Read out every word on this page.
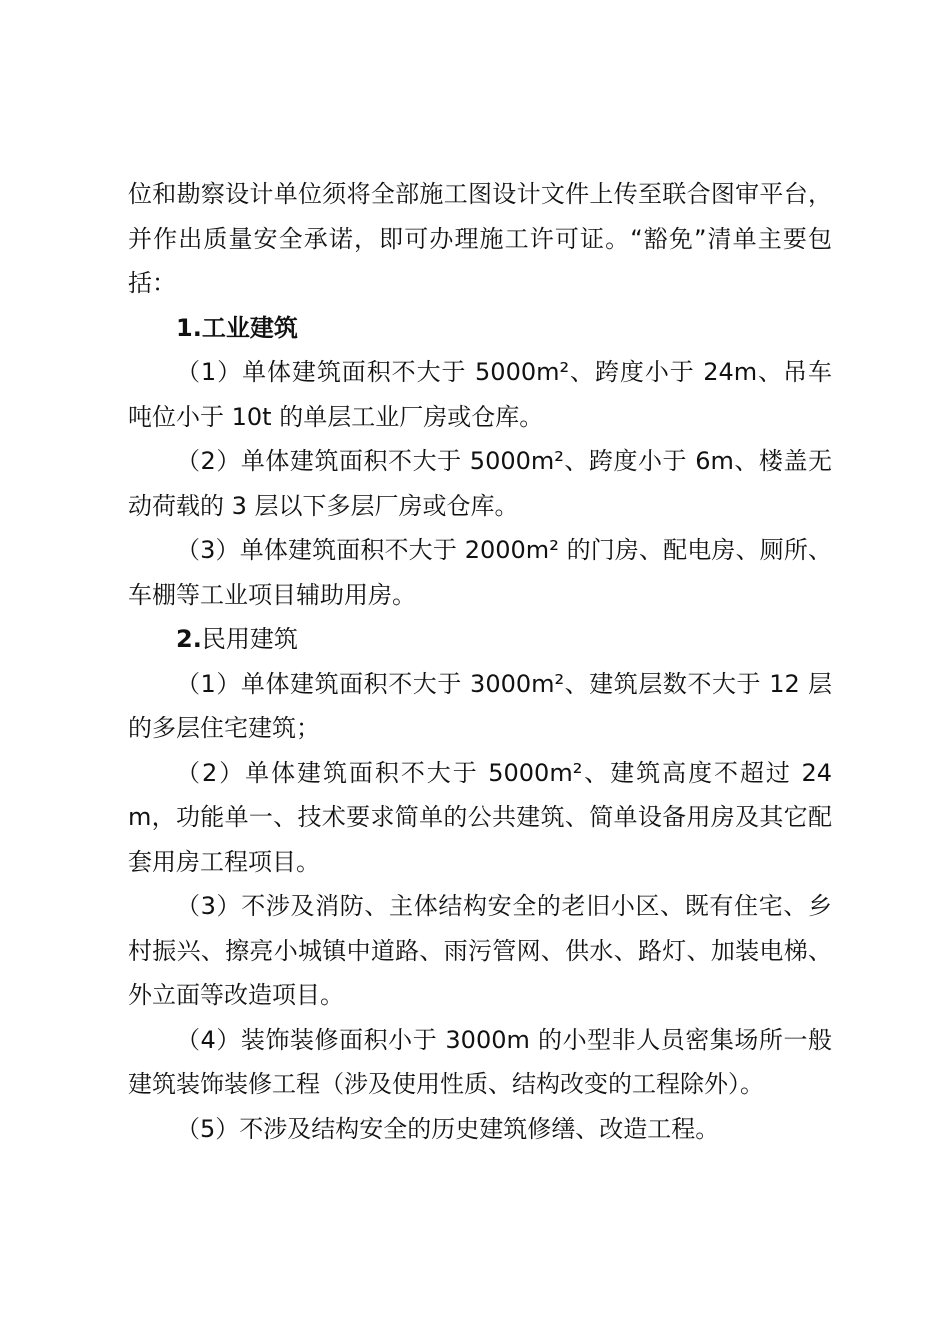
位和勘察设计单位须将全部施工图设计文件上传至联合图审平台，并作出质量安全承诺，即可办理施工许可证。“豁免”清单主要包括：

1.工业建筑

（1）单体建筑面积不大于 5000m²、跨度小于 24m、吊车吨位小于 10t 的单层工业厂房或仓库。

（2）单体建筑面积不大于 5000m²、跨度小于 6m、楼盖无动荷载的 3 层以下多层厂房或仓库。

（3）单体建筑面积不大于 2000m² 的门房、配电房、厕所、车棚等工业项目辅助用房。

2.民用建筑

（1）单体建筑面积不大于 3000m²、建筑层数不大于 12 层的多层住宅建筑；

（2）单体建筑面积不大于 5000m²、建筑高度不超过 24m，功能单一、技术要求简单的公共建筑、简单设备用房及其它配套用房工程项目。

（3）不涉及消防、主体结构安全的老旧小区、既有住宅、乡村振兴、擦亮小城镇中道路、雨污管网、供水、路灯、加装电梯、外立面等改造项目。

（4）装饰装修面积小于 3000m 的小型非人员密集场所一般建筑装饰装修工程（涉及使用性质、结构改变的工程除外）。

（5）不涉及结构安全的历史建筑修缮、改造工程。
